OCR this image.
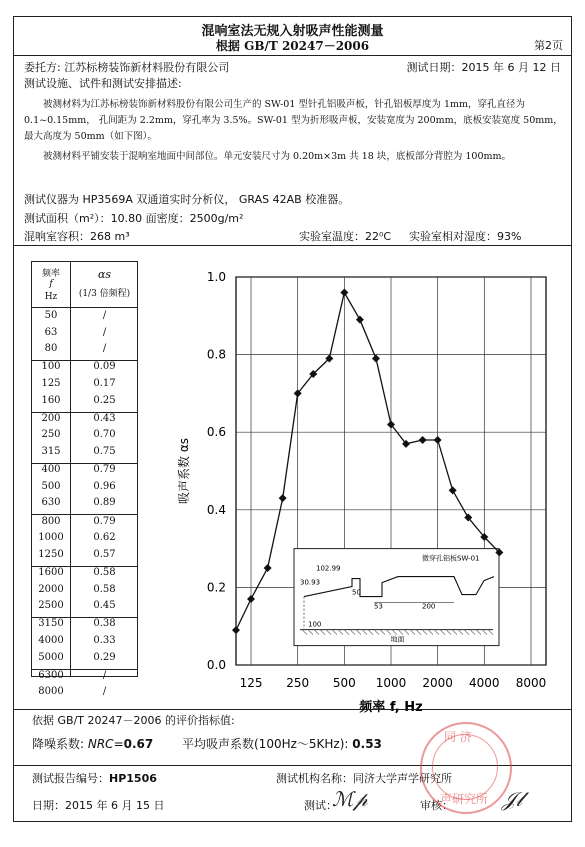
混响室法无规入射吸声性能测量
根据 GB/T 20247－2006	第2页
委托方: 江苏标榜装饰新材料股份有限公司	测试日期：2015 年 6 月 12 日
测试设施、试件和测试安排描述:
被测材料为江苏标榜装饰新材料股份有限公司生产的 SW-01 型针孔铝吸声板，针孔铝板厚度为 1mm，穿孔直径为 0.1~0.15mm， 孔间距为 2.2mm，穿孔率为 3.5%。SW-01 型为折形吸声板，安装宽度为 200mm，底板安装宽度 50mm，最大高度为 50mm（如下图）。
被测材料平铺安装于混响室地面中间部位。单元安装尺寸为 0.20m×3m 共 18 块，底板部分背腔为 100mm。
测试仪器为 HP3569A 双通道实时分析仪， GRAS 42AB 校准器。
测试面积（m²）：10.80 面密度：2500g/m²
混响室容积：268 m³	实验室温度：22⁰C 实验室相对湿度：93%
频率
f
Hz
αs
(1/3 倍频程)
50	/
63	/
80	/
100	0.09
125	0.17
160	0.25
200	0.43
250	0.70
315	0.75
400	0.79
500	0.96
630	0.89
800	0.79
1000	0.62
1250	0.57
1600	0.58
2000	0.58
2500	0.45
3150	0.38
4000	0.33
5000	0.29
6300	/
8000	/
125 250 500 1000 2000 4000 8000
0.0
0.2
0.4
0.6
0.8
1.0
频率 f, Hz
吸声系数 αs
微穿孔铝板SW-01
102.99
30.93
50
53	200
100
地面
依据 GB/T 20247－2006 的评价指标值:
降噪系数: NRC=0.67 平均吸声系数(100Hz～5KHz): 0.53
测试报告编号：HP1506	测试机构名称：同济大学声学研究所
日期：2015 年 6 月 15 日	测试：
ℳ𝓅	审核： 𝒥𝓁
同 济
声研究所
